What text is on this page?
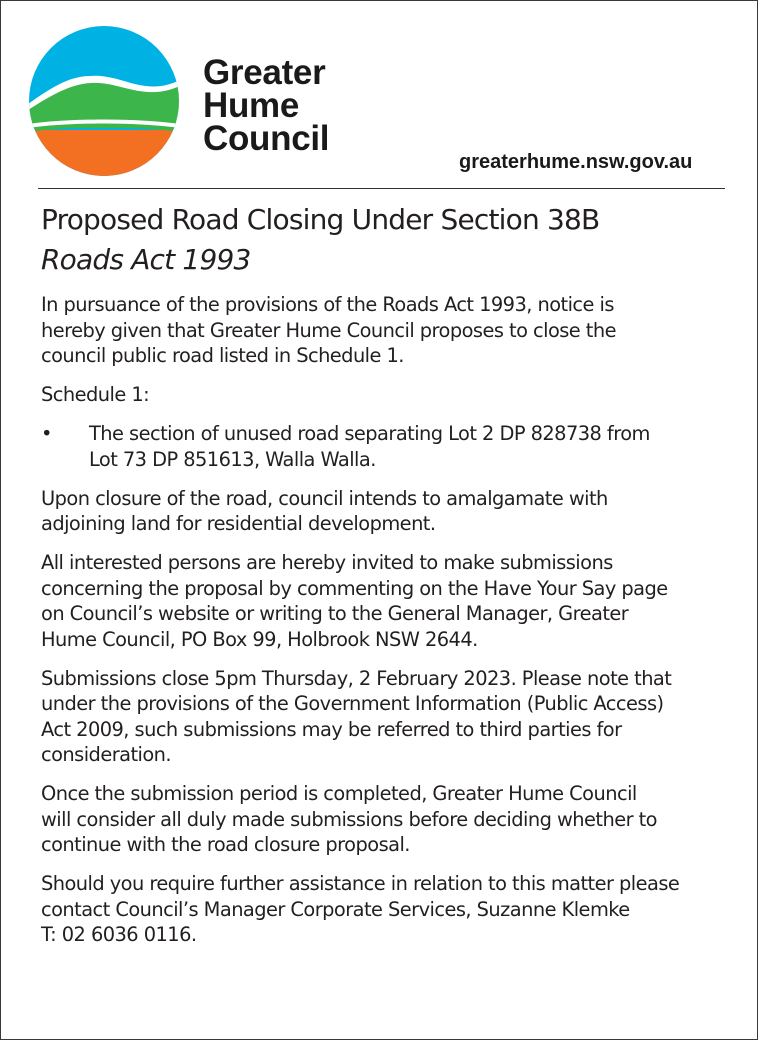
Greater
Hume
Council
greaterhume.nsw.gov.au
Proposed Road Closing Under Section 38B
Roads Act 1993

In pursuance of the provisions of the Roads Act 1993, notice is
hereby given that Greater Hume Council proposes to close the
council public road listed in Schedule 1.

Schedule 1:

• The section of unused road separating Lot 2 DP 828738 from
Lot 73 DP 851613, Walla Walla.

Upon closure of the road, council intends to amalgamate with
adjoining land for residential development.

All interested persons are hereby invited to make submissions
concerning the proposal by commenting on the Have Your Say page
on Council’s website or writing to the General Manager, Greater
Hume Council, PO Box 99, Holbrook NSW 2644.

Submissions close 5pm Thursday, 2 February 2023. Please note that
under the provisions of the Government Information (Public Access)
Act 2009, such submissions may be referred to third parties for
consideration.

Once the submission period is completed, Greater Hume Council
will consider all duly made submissions before deciding whether to
continue with the road closure proposal.

Should you require further assistance in relation to this matter please
contact Council’s Manager Corporate Services, Suzanne Klemke
T: 02 6036 0116.
